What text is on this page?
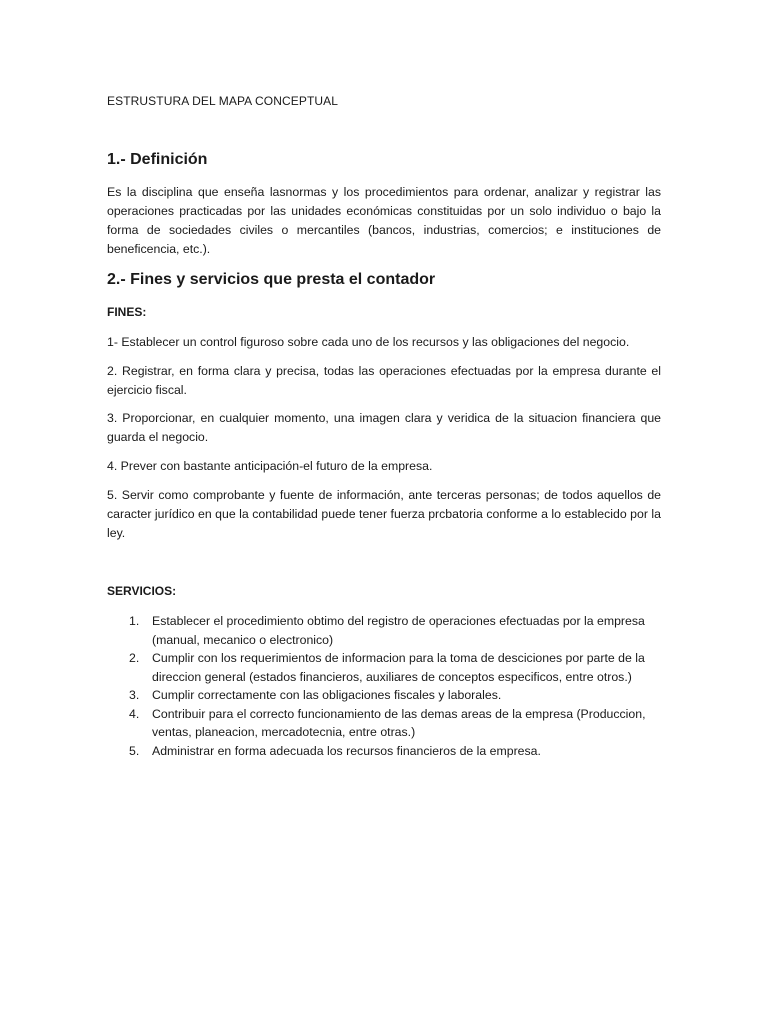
ESTRUSTURA DEL MAPA CONCEPTUAL
1.- Definición
Es la disciplina que enseña lasnormas y los procedimientos para ordenar, analizar y registrar las operaciones practicadas por las unidades económicas constituidas por un solo individuo o bajo la forma de sociedades civiles o mercantiles (bancos, industrias, comercios; e instituciones de beneficencia, etc.).
2.- Fines y servicios que presta el contador
FINES:
1- Establecer un control figuroso sobre cada uno de los recursos y las obligaciones del negocio.
2. Registrar, en forma clara y precisa, todas las operaciones efectuadas por la empresa durante el ejercicio fiscal.
3. Proporcionar, en cualquier momento, una imagen clara y veridica de la situacion financiera que guarda el negocio.
4. Prever con bastante anticipación-el futuro de la empresa.
5. Servir como comprobante y fuente de información, ante terceras personas; de todos aquellos de caracter jurídico en que la contabilidad puede tener fuerza prcbatoria conforme a lo establecido por la ley.
SERVICIOS:
1. Establecer el procedimiento obtimo del registro de operaciones efectuadas por la empresa (manual, mecanico o electronico)
2. Cumplir con los requerimientos de informacion para la toma de desciciones por parte de la direccion general (estados financieros, auxiliares de conceptos especificos, entre otros.)
3. Cumplir correctamente con las obligaciones fiscales y laborales.
4. Contribuir para el correcto funcionamiento de las demas areas de la empresa (Produccion, ventas, planeacion, mercadotecnia, entre otras.)
5. Administrar en forma adecuada los recursos financieros de la empresa.
